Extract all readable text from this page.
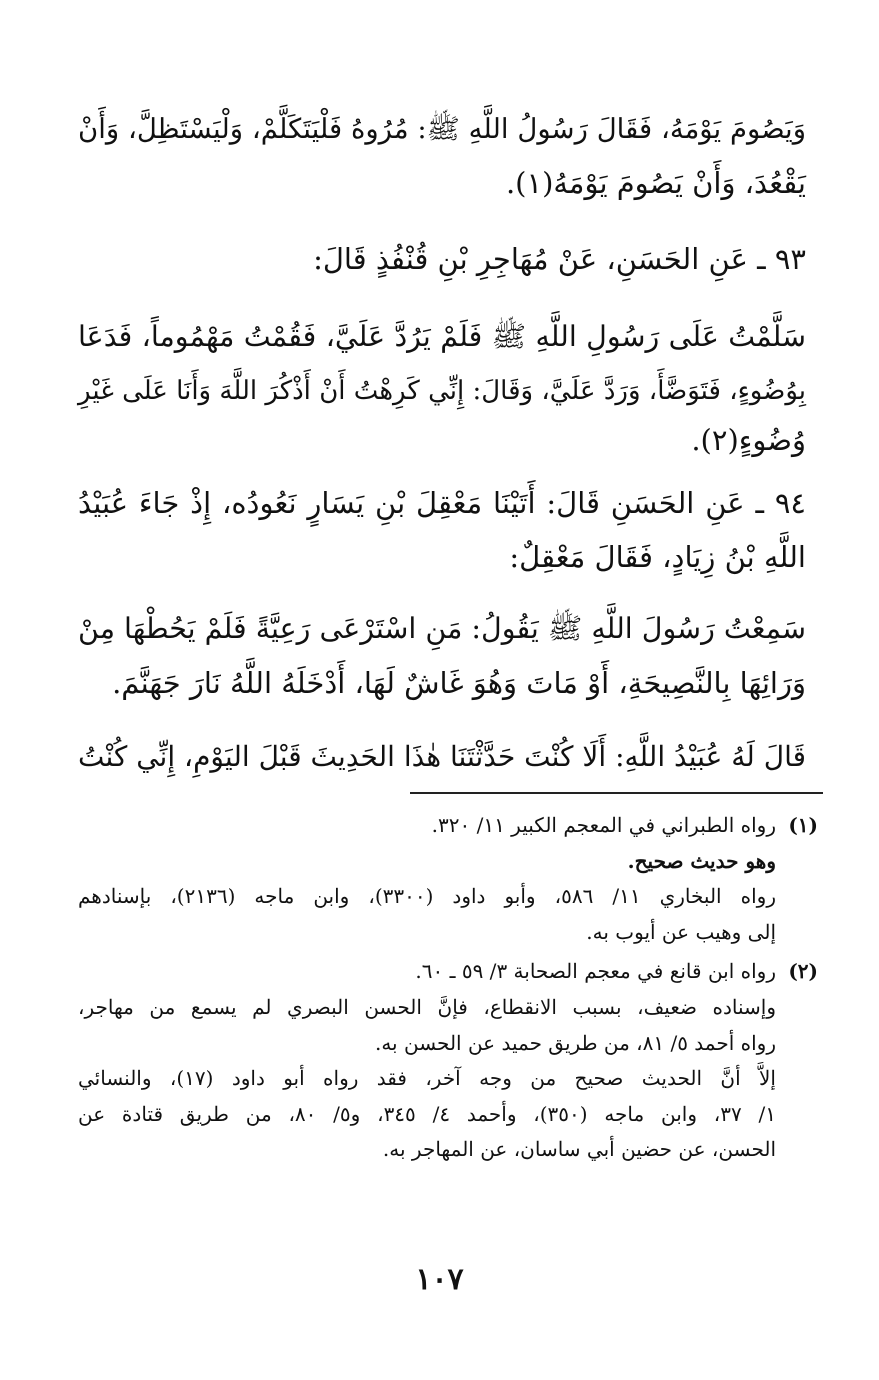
وَيَصُومَ يَوْمَهُ، فَقَالَ رَسُولُ اللَّهِ ﷺ: مُرُوهُ فَلْيَتَكَلَّمْ، وَلْيَسْتَظِلَّ، وَأَنْ
يَقْعُدَ، وَأَنْ يَصُومَ يَوْمَهُ(١).
٩٣ ـ عَنِ الحَسَنِ، عَنْ مُهَاجِرِ بْنِ قُنْفُذٍ قَالَ:
سَلَّمْتُ عَلَى رَسُولِ اللَّهِ ﷺ فَلَمْ يَرُدَّ عَلَيَّ، فَقُمْتُ مَهْمُوماً، فَدَعَا
بِوُضُوءٍ، فَتَوَضَّأَ، وَرَدَّ عَلَيَّ، وَقَالَ: إِنِّي كَرِهْتُ أَنْ أَذْكُرَ اللَّهَ وَأَنَا عَلَى غَيْرِ
وُضُوءٍ(٢).
٩٤ ـ عَنِ الحَسَنِ قَالَ: أَتَيْنَا مَعْقِلَ بْنِ يَسَارٍ نَعُودُه، إِذْ جَاءَ عُبَيْدُ
اللَّهِ بْنُ زِيَادٍ، فَقَالَ مَعْقِلٌ:
سَمِعْتُ رَسُولَ اللَّهِ ﷺ يَقُولُ: مَنِ اسْتَرْعَى رَعِيَّةً فَلَمْ يَحُطْهَا مِنْ
وَرَائِهَا بِالنَّصِيحَةِ، أَوْ مَاتَ وَهُوَ غَاشٌ لَهَا، أَدْخَلَهُ اللَّهُ نَارَ جَهَنَّمَ.
قَالَ لَهُ عُبَيْدُ اللَّهِ: أَلَا كُنْتَ حَدَّثْتَنَا هٰذَا الحَدِيثَ قَبْلَ اليَوْمِ، إِنِّي كُنْتُ
(١)
رواه الطبراني في المعجم الكبير ١١/ ٣٢٠.
وهو حديث صحيح.
رواه البخاري ١١/ ٥٨٦، وأبو داود (٣٣٠٠)، وابن ماجه (٢١٣٦)، بإسنادهم
إلى وهيب عن أيوب به.
(٢)
رواه ابن قانع في معجم الصحابة ٣/ ٥٩ ـ ٦٠.
وإسناده ضعيف، بسبب الانقطاع، فإنَّ الحسن البصري لم يسمع من مهاجر،
رواه أحمد ٥/ ٨١، من طريق حميد عن الحسن به.
إلاَّ أنَّ الحديث صحيح من وجه آخر، فقد رواه أبو داود (١٧)، والنسائي
١/ ٣٧، وابن ماجه (٣٥٠)، وأحمد ٤/ ٣٤٥، و٥/ ٨٠، من طريق قتادة عن
الحسن، عن حضين أبي ساسان، عن المهاجر به.
١٠٧
